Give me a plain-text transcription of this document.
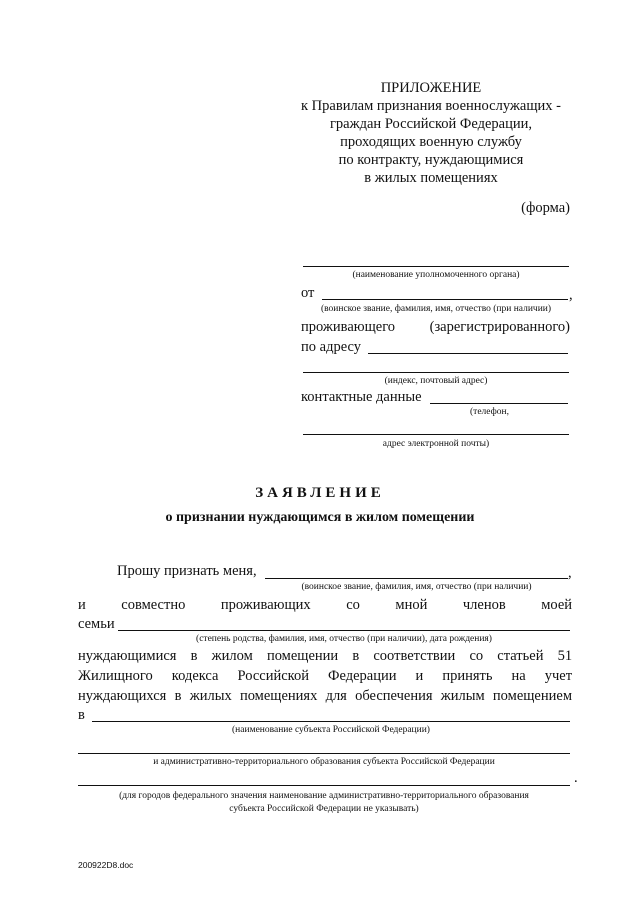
ПРИЛОЖЕНИЕ
к Правилам признания военнослужащих -
граждан Российской Федерации,
проходящих военную службу
по контракту, нуждающимися
в жилых помещениях
(форма)
(наименование уполномоченного органа)
от	,
(воинское звание, фамилия, имя, отчество (при наличии)
проживающего (зарегистрированного)
по адресу
(индекс, почтовый адрес)
контактные данные
(телефон,
адрес электронной почты)
ЗАЯВЛЕНИЕ
о признании нуждающимся в жилом помещении
Прошу признать меня,	,
(воинское звание, фамилия, имя, отчество (при наличии)
и совместно проживающих со мной членов моей
семьи
(степень родства, фамилия, имя, отчество (при наличии), дата рождения)
нуждающимися в жилом помещении в соответствии со статьей 51
Жилищного кодекса Российской Федерации и принять на учет
нуждающихся в жилых помещениях для обеспечения жилым помещением
в
(наименование субъекта Российской Федерации)
и административно-территориального образования субъекта Российской Федерации
.
(для городов федерального значения наименование административно-территориального образования
субъекта Российской Федерации не указывать)
200922D8.doc
